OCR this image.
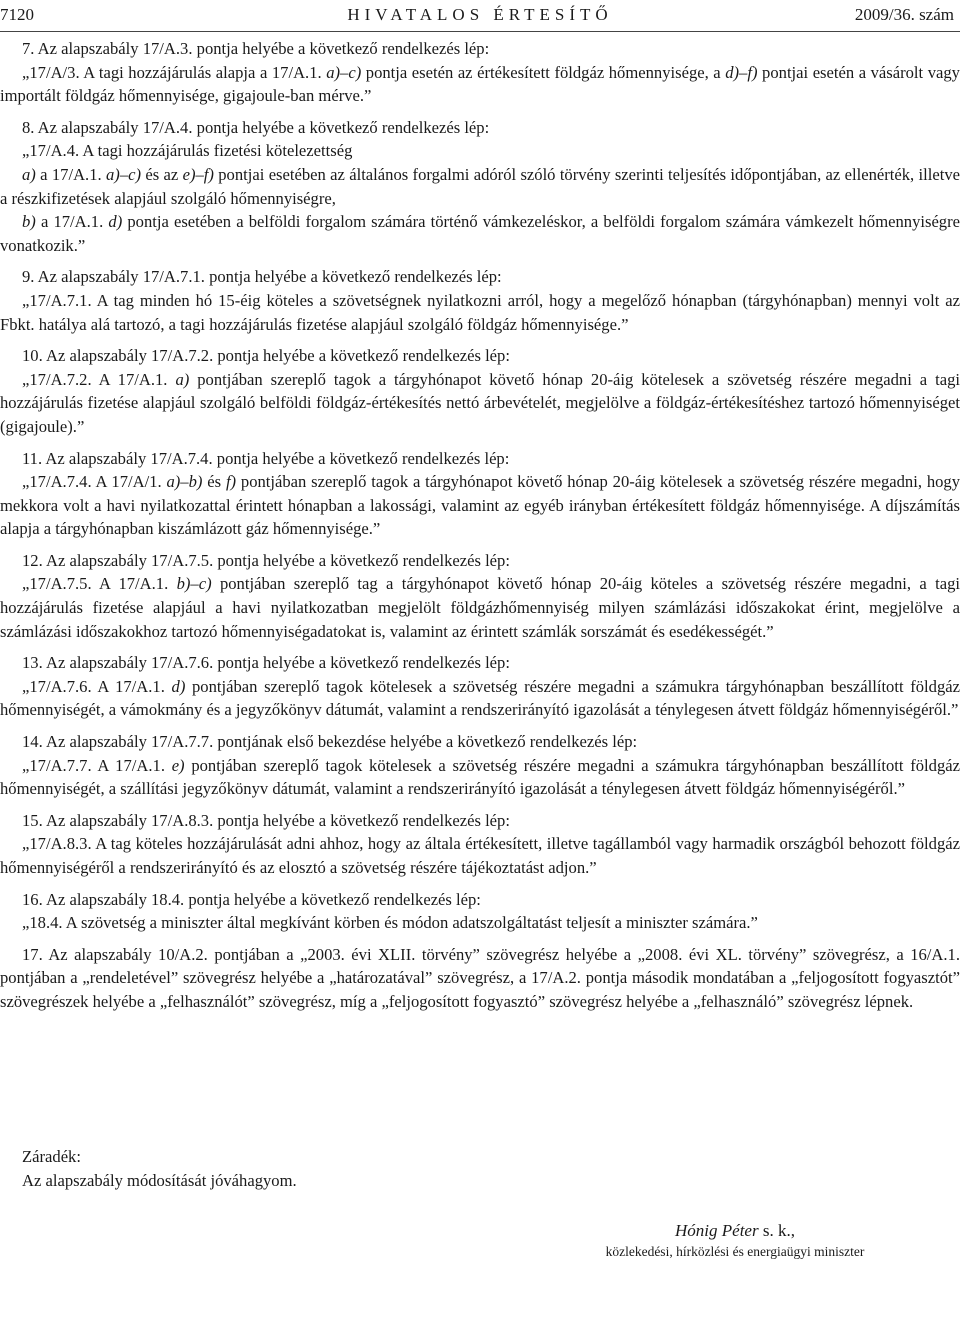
7120	HIVATALOS ÉRTESÍTŐ	2009/36. szám

7. Az alapszabály 17/A.3. pontja helyébe a következő rendelkezés lép:

„17/A/3. A tagi hozzájárulás alapja a 17/A.1. a)–c) pontja esetén az értékesített földgáz hőmennyisége, a d)–f) pontjai esetén a vásárolt vagy importált földgáz hőmennyisége, gigajoule-ban mérve.”

8. Az alapszabály 17/A.4. pontja helyébe a következő rendelkezés lép:

„17/A.4. A tagi hozzájárulás fizetési kötelezettség

a) a 17/A.1. a)–c) és az e)–f) pontjai esetében az általános forgalmi adóról szóló törvény szerinti teljesítés időpontjában, az ellenérték, illetve a részkifizetések alapjául szolgáló hőmennyiségre,

b) a 17/A.1. d) pontja esetében a belföldi forgalom számára történő vámkezeléskor, a belföldi forgalom számára vámkezelt hőmennyiségre vonatkozik.”

9. Az alapszabály 17/A.7.1. pontja helyébe a következő rendelkezés lép:

„17/A.7.1. A tag minden hó 15-éig köteles a szövetségnek nyilatkozni arról, hogy a megelőző hónapban (tárgyhónapban) mennyi volt az Fbkt. hatálya alá tartozó, a tagi hozzájárulás fizetése alapjául szolgáló földgáz hőmennyisége.”

10. Az alapszabály 17/A.7.2. pontja helyébe a következő rendelkezés lép:

„17/A.7.2. A 17/A.1. a) pontjában szereplő tagok a tárgyhónapot követő hónap 20-áig kötelesek a szövetség részére megadni a tagi hozzájárulás fizetése alapjául szolgáló belföldi földgáz-értékesítés nettó árbevételét, megjelölve a földgáz-értékesítéshez tartozó hőmennyiséget (gigajoule).”

11. Az alapszabály 17/A.7.4. pontja helyébe a következő rendelkezés lép:

„17/A.7.4. A 17/A/1. a)–b) és f) pontjában szereplő tagok a tárgyhónapot követő hónap 20-áig kötelesek a szövetség részére megadni, hogy mekkora volt a havi nyilatkozattal érintett hónapban a lakossági, valamint az egyéb irányban értékesített földgáz hőmennyisége. A díjszámítás alapja a tárgyhónapban kiszámlázott gáz hőmennyisége.”

12. Az alapszabály 17/A.7.5. pontja helyébe a következő rendelkezés lép:

„17/A.7.5. A 17/A.1. b)–c) pontjában szereplő tag a tárgyhónapot követő hónap 20-áig köteles a szövetség részére megadni, a tagi hozzájárulás fizetése alapjául a havi nyilatkozatban megjelölt földgázhőmennyiség milyen számlázási időszakokat érint, megjelölve a számlázási időszakokhoz tartozó hőmennyiségadatokat is, valamint az érintett számlák sorszámát és esedékességét.”

13. Az alapszabály 17/A.7.6. pontja helyébe a következő rendelkezés lép:

„17/A.7.6. A 17/A.1. d) pontjában szereplő tagok kötelesek a szövetség részére megadni a számukra tárgyhónapban beszállított földgáz hőmennyiségét, a vámokmány és a jegyzőkönyv dátumát, valamint a rendszerirányító igazolását a ténylegesen átvett földgáz hőmennyiségéről.”

14. Az alapszabály 17/A.7.7. pontjának első bekezdése helyébe a következő rendelkezés lép:

„17/A.7.7. A 17/A.1. e) pontjában szereplő tagok kötelesek a szövetség részére megadni a számukra tárgyhónapban beszállított földgáz hőmennyiségét, a szállítási jegyzőkönyv dátumát, valamint a rendszerirányító igazolását a ténylegesen átvett földgáz hőmennyiségéről.”

15. Az alapszabály 17/A.8.3. pontja helyébe a következő rendelkezés lép:

„17/A.8.3. A tag köteles hozzájárulását adni ahhoz, hogy az általa értékesített, illetve tagállamból vagy harmadik országból behozott földgáz hőmennyiségéről a rendszerirányító és az elosztó a szövetség részére tájékoztatást adjon.”

16. Az alapszabály 18.4. pontja helyébe a következő rendelkezés lép:

„18.4. A szövetség a miniszter által megkívánt körben és módon adatszolgáltatást teljesít a miniszter számára.”

17. Az alapszabály 10/A.2. pontjában a „2003. évi XLII. törvény” szövegrész helyébe a „2008. évi XL. törvény” szövegrész, a 16/A.1. pontjában a „rendeletével” szövegrész helyébe a „határozatával” szövegrész, a 17/A.2. pontja második mondatában a „feljogosított fogyasztót” szövegrészek helyébe a „felhasználót” szövegrész, míg a „feljogosított fogyasztó” szövegrész helyébe a „felhasználó” szövegrész lépnek.

Záradék:

Az alapszabály módosítását jóváhagyom.

Hónig Péter s. k.,
közlekedési, hírközlési és energiaügyi miniszter
